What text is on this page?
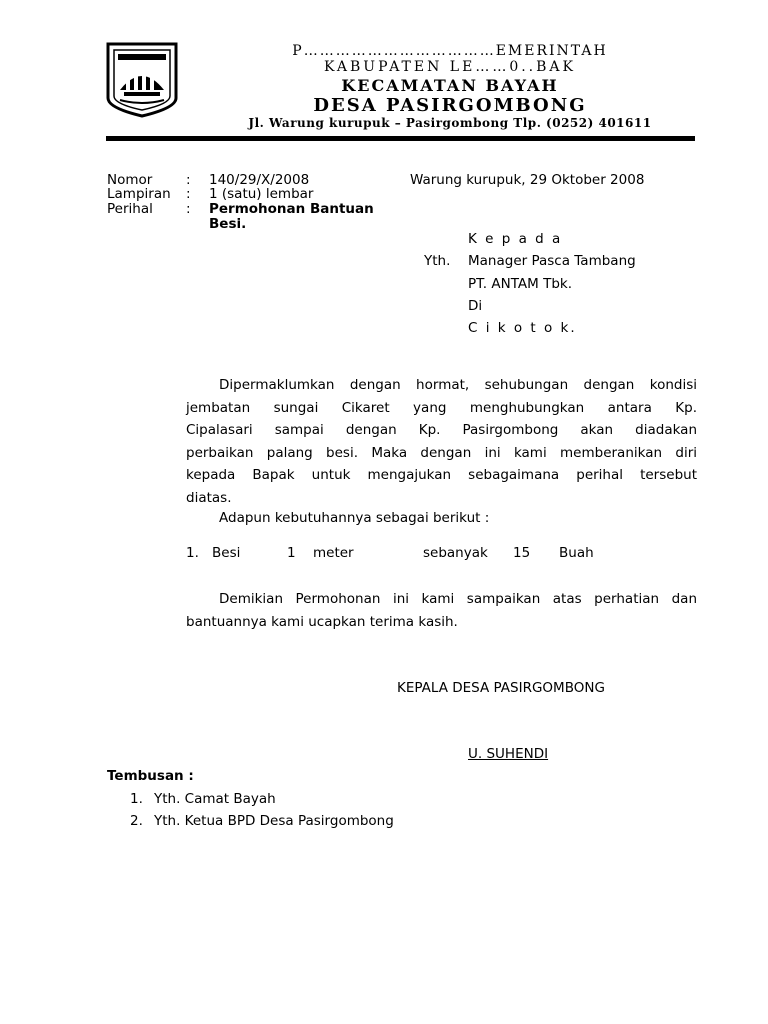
P………………………………EMERINTAH
KABUPATEN LE……0..BAK
KECAMATAN BAYAH
DESA PASIRGOMBONG
Jl. Warung kurupuk – Pasirgombong Tlp. (0252) 401611
Nomor : 140/29/X/2008
Lampiran : 1 (satu) lembar
Perihal : Permohonan Bantuan
Besi.
Warung kurupuk, 29 Oktober 2008
K e p a d a
Yth. Manager Pasca Tambang
PT. ANTAM Tbk.
Di
C i k o t o k.
Dipermaklumkan dengan hormat, sehubungan dengan kondisi
jembatan sungai Cikaret yang menghubungkan antara Kp.
Cipalasari sampai dengan Kp. Pasirgombong akan diadakan
perbaikan palang besi. Maka dengan ini kami memberanikan diri
kepada Bapak untuk mengajukan sebagaimana perihal tersebut
diatas.
Adapun kebutuhannya sebagai berikut :
1. Besi	1 meter	sebanyak 15 Buah
Demikian Permohonan ini kami sampaikan atas perhatian dan
bantuannya kami ucapkan terima kasih.
KEPALA DESA PASIRGOMBONG
U. SUHENDI
Tembusan :
1. Yth. Camat Bayah
2. Yth. Ketua BPD Desa Pasirgombong
